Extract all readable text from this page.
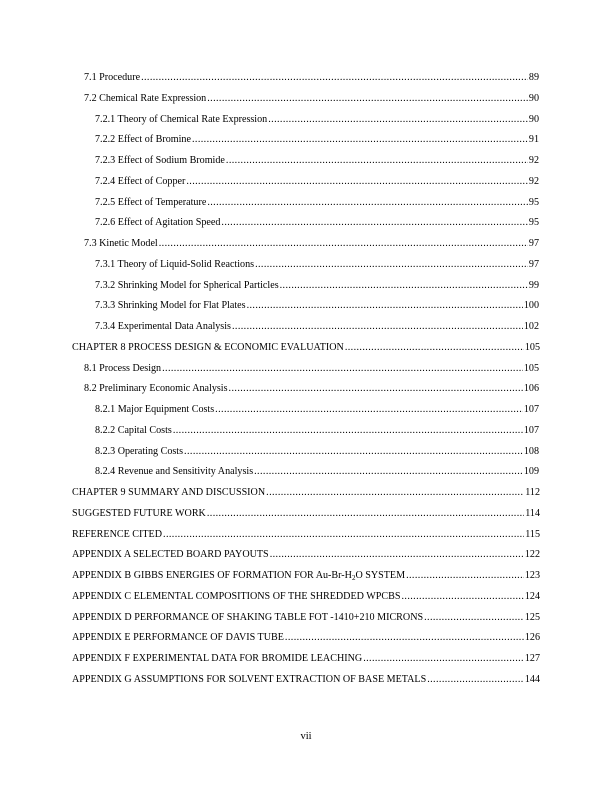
7.1 Procedure .....	89
7.2 Chemical Rate Expression .....	90
7.2.1 Theory of Chemical Rate Expression .....	90
7.2.2 Effect of Bromine .....	91
7.2.3 Effect of Sodium Bromide .....	92
7.2.4 Effect of Copper .....	92
7.2.5 Effect of Temperature .....	95
7.2.6 Effect of Agitation Speed .....	95
7.3 Kinetic Model .....	97
7.3.1 Theory of Liquid-Solid Reactions .....	97
7.3.2 Shrinking Model for Spherical Particles .....	99
7.3.3 Shrinking Model for Flat Plates .....	100
7.3.4 Experimental Data Analysis .....	102
CHAPTER 8 PROCESS DESIGN & ECONOMIC EVALUATION .....	105
8.1 Process Design .....	105
8.2 Preliminary Economic Analysis .....	106
8.2.1 Major Equipment Costs .....	107
8.2.2 Capital Costs .....	107
8.2.3 Operating Costs .....	108
8.2.4 Revenue and Sensitivity Analysis .....	109
CHAPTER 9 SUMMARY AND DISCUSSION .....	112
SUGGESTED FUTURE WORK .....	114
REFERENCE CITED .....	115
APPENDIX A SELECTED BOARD PAYOUTS .....	122
APPENDIX B GIBBS ENERGIES OF FORMATION FOR $Au-Br-H_2O$ SYSTEM .....	123
APPENDIX C ELEMENTAL COMPOSITIONS OF THE SHREDDED WPCBS .....	124
APPENDIX D PERFORMANCE OF SHAKING TABLE FOT -1410+210 MICRONS .....	125
APPENDIX E PERFORMANCE OF DAVIS TUBE .....	126
APPENDIX F EXPERIMENTAL DATA FOR BROMIDE LEACHING .....	127
APPENDIX G ASSUMPTIONS FOR SOLVENT EXTRACTION OF BASE METALS .....	144
vii
